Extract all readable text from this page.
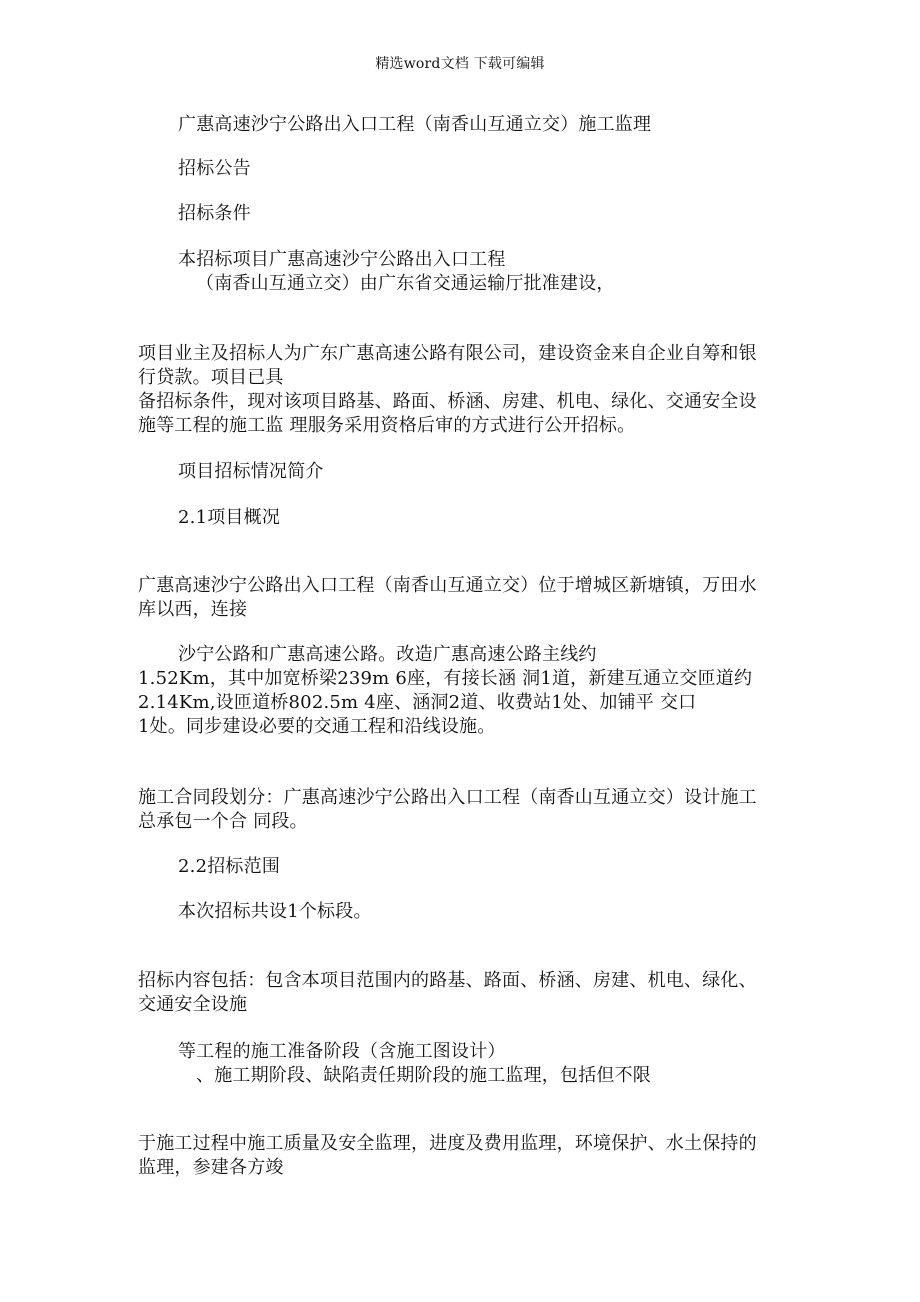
精选word文档 下载可编辑
广惠高速沙宁公路出入口工程（南香山互通立交）施工监理
招标公告
招标条件
本招标项目广惠高速沙宁公路出入口工程
（南香山互通立交）由广东省交通运输厅批准建设，
项目业主及招标人为广东广惠高速公路有限公司，建设资金来自企业自筹和银
行贷款。项目已具
备招标条件，现对该项目路基、路面、桥涵、房建、机电、绿化、交通安全设
施等工程的施工监 理服务采用资格后审的方式进行公开招标。
项目招标情况简介
2.1项目概况
广惠高速沙宁公路出入口工程（南香山互通立交）位于增城区新塘镇，万田水
库以西，连接
沙宁公路和广惠高速公路。改造广惠高速公路主线约
1.52Km，其中加宽桥梁239m 6座，有接长涵 洞1道，新建互通立交匝道约
2.14Km,设匝道桥802.5m 4座、涵洞2道、收费站1处、加铺平 交口
1处。同步建设必要的交通工程和沿线设施。
施工合同段划分：广惠高速沙宁公路出入口工程（南香山互通立交）设计施工
总承包一个合 同段。
2.2招标范围
本次招标共设1个标段。
招标内容包括：包含本项目范围内的路基、路面、桥涵、房建、机电、绿化、
交通安全设施
等工程的施工准备阶段（含施工图设计）
、施工期阶段、缺陷责任期阶段的施工监理，包括但不限
于施工过程中施工质量及安全监理，进度及费用监理，环境保护、水土保持的
监理，参建各方竣
